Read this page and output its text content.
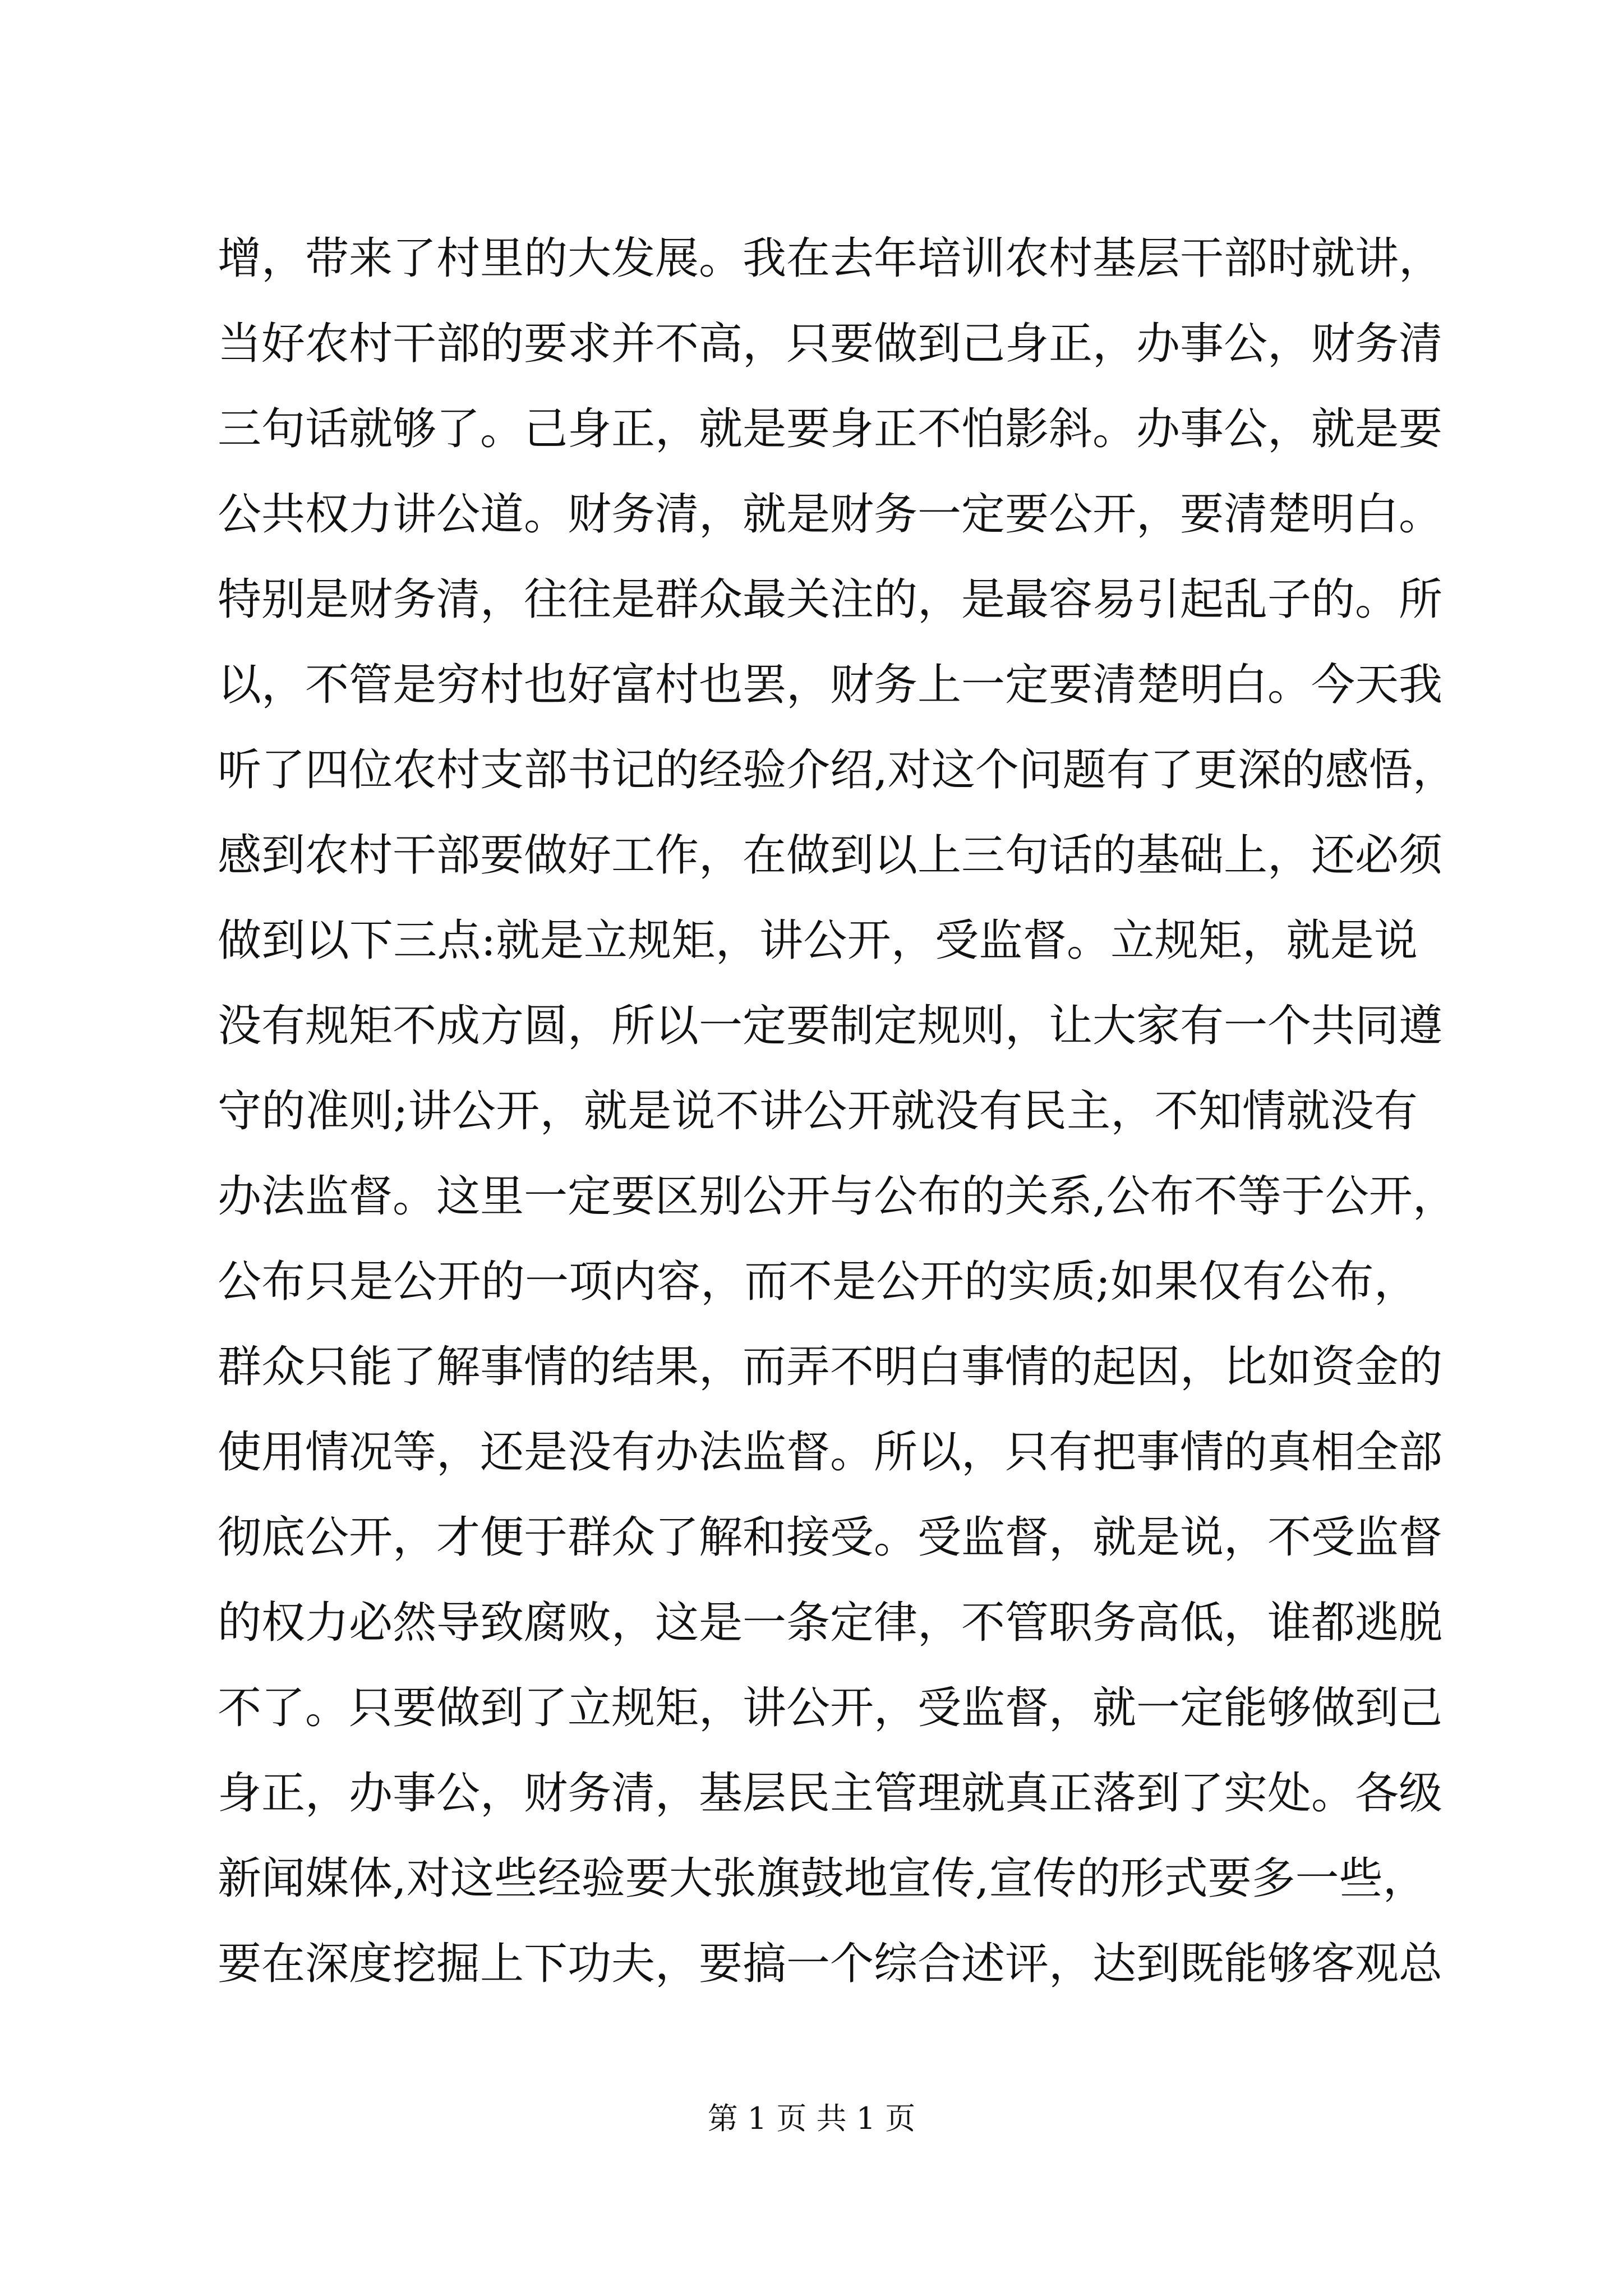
增，带来了村里的大发展。我在去年培训农村基层干部时就讲，
当好农村干部的要求并不高，只要做到己身正，办事公，财务清
三句话就够了。己身正，就是要身正不怕影斜。办事公，就是要
公共权力讲公道。财务清，就是财务一定要公开，要清楚明白。
特别是财务清，往往是群众最关注的，是最容易引起乱子的。所
以，不管是穷村也好富村也罢，财务上一定要清楚明白。今天我
听了四位农村支部书记的经验介绍,对这个问题有了更深的感悟，
感到农村干部要做好工作，在做到以上三句话的基础上，还必须
做到以下三点:就是立规矩，讲公开，受监督。立规矩，就是说
没有规矩不成方圆，所以一定要制定规则，让大家有一个共同遵
守的准则;讲公开，就是说不讲公开就没有民主，不知情就没有
办法监督。这里一定要区别公开与公布的关系,公布不等于公开，
公布只是公开的一项内容，而不是公开的实质;如果仅有公布，
群众只能了解事情的结果，而弄不明白事情的起因，比如资金的
使用情况等，还是没有办法监督。所以，只有把事情的真相全部
彻底公开，才便于群众了解和接受。受监督，就是说，不受监督
的权力必然导致腐败，这是一条定律，不管职务高低，谁都逃脱
不了。只要做到了立规矩，讲公开，受监督，就一定能够做到己
身正，办事公，财务清，基层民主管理就真正落到了实处。各级
新闻媒体,对这些经验要大张旗鼓地宣传,宣传的形式要多一些，
要在深度挖掘上下功夫，要搞一个综合述评，达到既能够客观总
第 1 页 共 1 页
